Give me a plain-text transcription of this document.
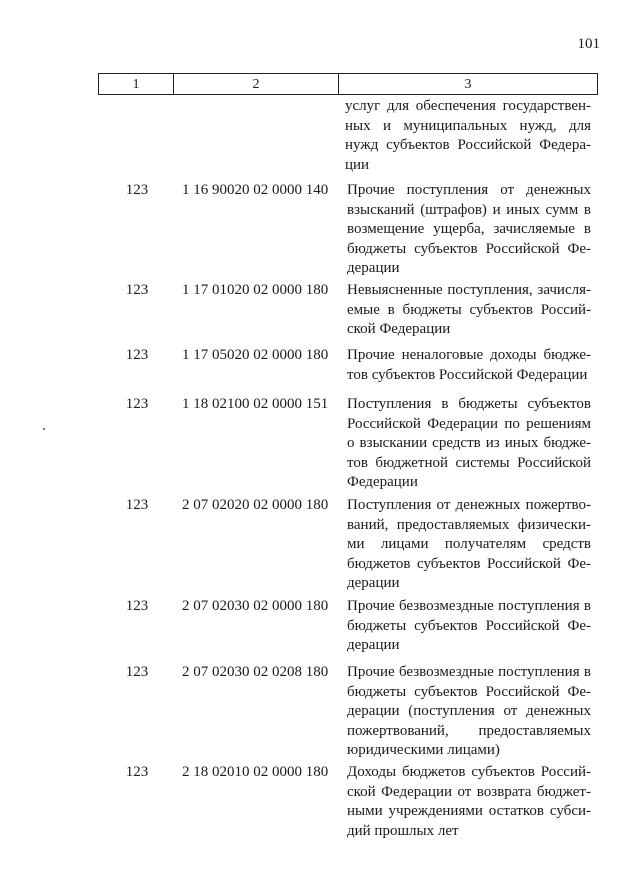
101
1	2	3
услуг для обеспечения государствен-
ных и муниципальных нужд, для
нужд субъектов Российской Федера-
ции
123	1 16 90020 02 0000 140	Прочие поступления от денежных
взысканий (штрафов) и иных сумм в
возмещение ущерба, зачисляемые в
бюджеты субъектов Российской Фе-
дерации
123	1 17 01020 02 0000 180	Невыясненные поступления, зачисля-
емые в бюджеты субъектов Россий-
ской Федерации
123	1 17 05020 02 0000 180	Прочие неналоговые доходы бюдже-
тов субъектов Российской Федерации
123	1 18 02100 02 0000 151	Поступления в бюджеты субъектов
Российской Федерации по решениям
о взыскании средств из иных бюдже-
тов бюджетной системы Российской
Федерации
123	2 07 02020 02 0000 180	Поступления от денежных пожертво-
ваний, предоставляемых физически-
ми лицами получателям средств
бюджетов субъектов Российской Фе-
дерации
123	2 07 02030 02 0000 180	Прочие безвозмездные поступления в
бюджеты субъектов Российской Фе-
дерации
123	2 07 02030 02 0208 180	Прочие безвозмездные поступления в
бюджеты субъектов Российской Фе-
дерации (поступления от денежных
пожертвований, предоставляемых
юридическими лицами)
123	2 18 02010 02 0000 180	Доходы бюджетов субъектов Россий-
ской Федерации от возврата бюджет-
ными учреждениями остатков субси-
дий прошлых лет
